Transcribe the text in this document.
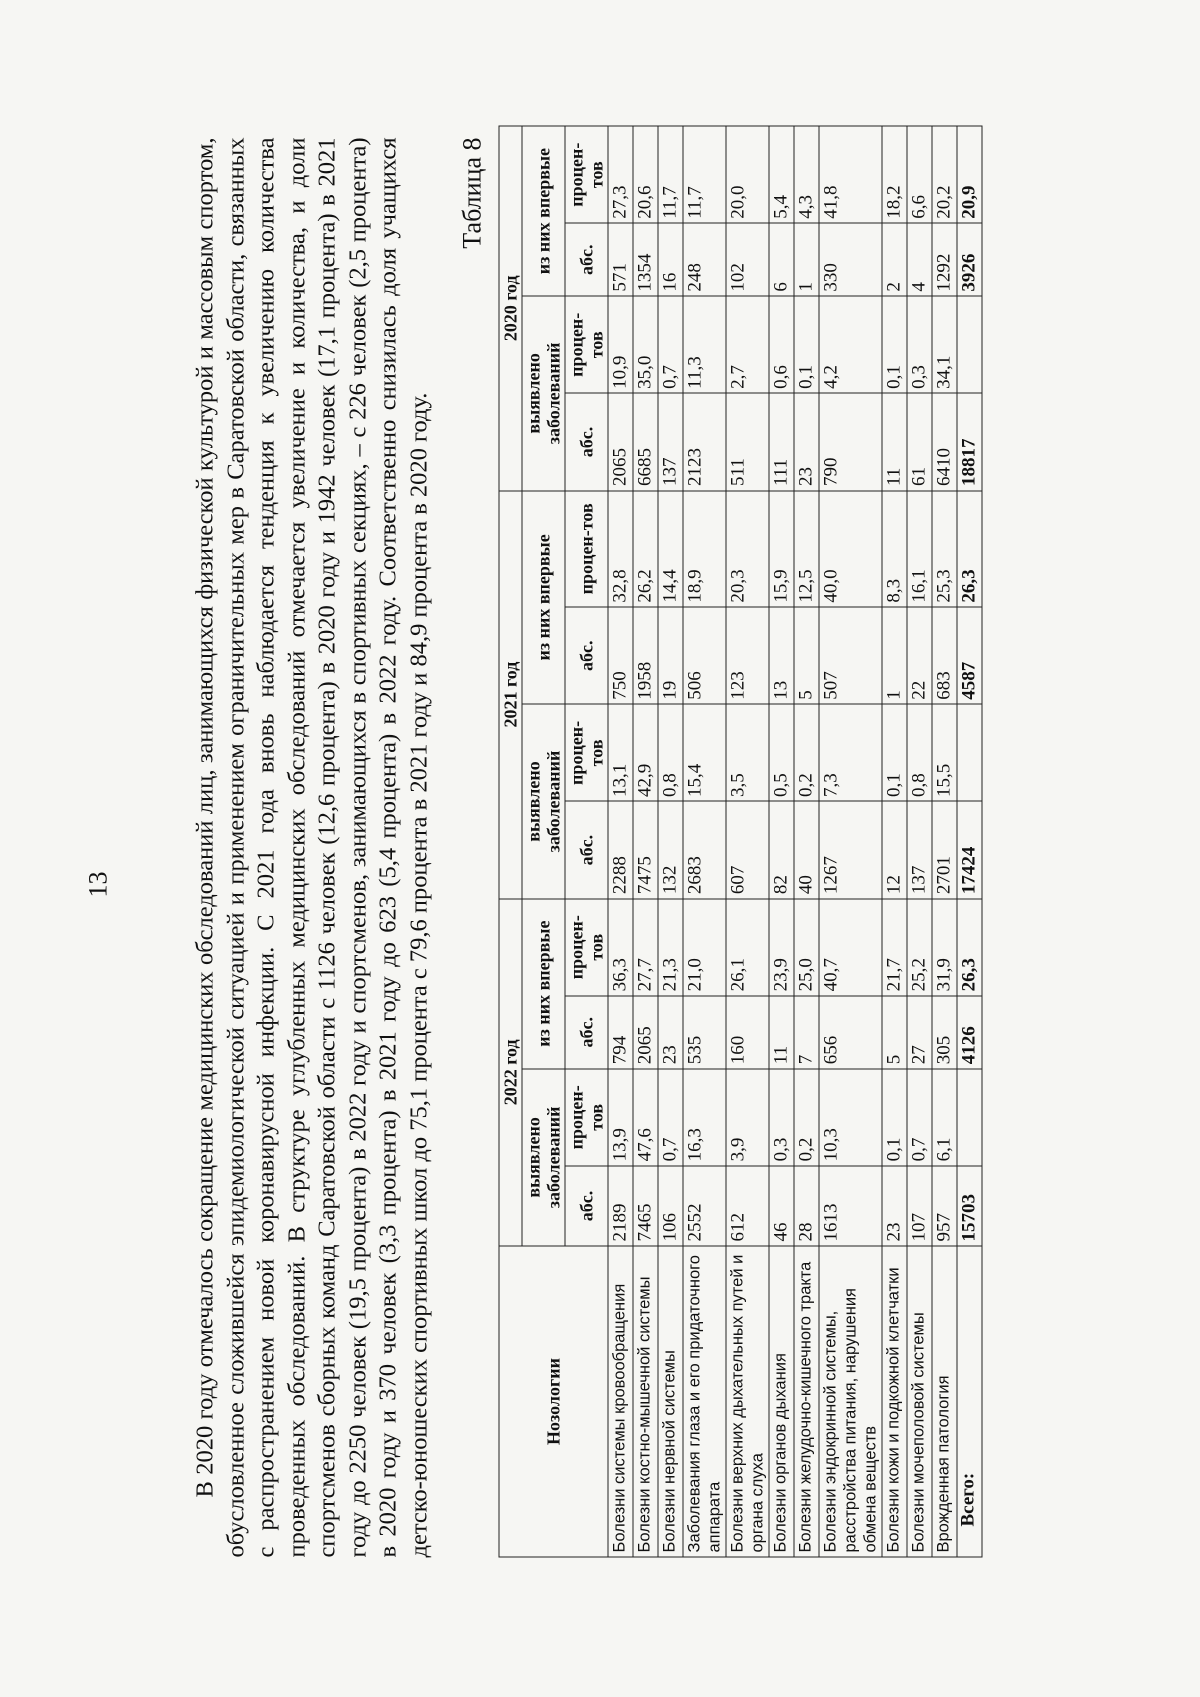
13	В 2020 году отмечалось сокращение медицинских обследований лиц, занимающихся физической культурой и массовым спортом, обусловленное сложившейся эпидемиологической ситуацией и применением ограничительных мер в Саратовской области, связанных с распространением новой коронавирусной инфекции. С 2021 года вновь наблюдается тенденция к увеличению количества проведенных обследований. В структуре углубленных медицинских обследований отмечается увеличение и количества, и доли спортсменов сборных команд Саратовской области с 1126 человек (12,6 процента) в 2020 году и 1942 человек (17,1 процента) в 2021 году до 2250 человек (19,5 процента) в 2022 году и спортсменов, занимающихся в спортивных секциях, – с 226 человек (2,5 процента) в 2020 году и 370 человек (3,3 процента) в 2021 году до 623 (5,4 процента) в 2022 году. Соответственно снизилась доля учащихся детско-юношеских спортивных школ до 75,1 процента с 79,6 процента в 2021 году и 84,9 процента в 2020 году.
Таблица 8
Нозологии	2022 год				2021 год				2020 год			
	выявлено заболеваний		из них впервые		выявлено заболеваний		из них впервые		выявлено заболеваний		из них впервые	
	абс.	процен-тов	абс.	процен-тов	абс.	процен-тов	абс.	процен-тов	абс.	процен-тов	абс.	процен-тов
Болезни системы кровообращения	2189	13,9	794	36,3	2288	13,1	750	32,8	2065	10,9	571	27,3
Болезни костно-мышечной системы	7465	47,6	2065	27,7	7475	42,9	1958	26,2	6685	35,0	1354	20,6
Болезни нервной системы	106	0,7	23	21,3	132	0,8	19	14,4	137	0,7	16	11,7
Заболевания глаза и его придаточного аппарата	2552	16,3	535	21,0	2683	15,4	506	18,9	2123	11,3	248	11,7
Болезни верхних дыхательных путей и органа слуха	612	3,9	160	26,1	607	3,5	123	20,3	511	2,7	102	20,0
Болезни органов дыхания	46	0,3	11	23,9	82	0,5	13	15,9	111	0,6	6	5,4
Болезни желудочно-кишечного тракта	28	0,2	7	25,0	40	0,2	5	12,5	23	0,1	1	4,3
Болезни эндокринной системы, расстройства питания, нарушения обмена веществ	1613	10,3	656	40,7	1267	7,3	507	40,0	790	4,2	330	41,8
Болезни кожи и подкожной клетчатки	23	0,1	5	21,7	12	0,1	1	8,3	11	0,1	2	18,2
Болезни мочеполовой системы	107	0,7	27	25,2	137	0,8	22	16,1	61	0,3	4	6,6
Врожденная патология	957	6,1	305	31,9	2701	15,5	683	25,3	6410	34,1	1292	20,2
Всего:	15703		4126	26,3	17424		4587	26,3	18817		3926	20,9
